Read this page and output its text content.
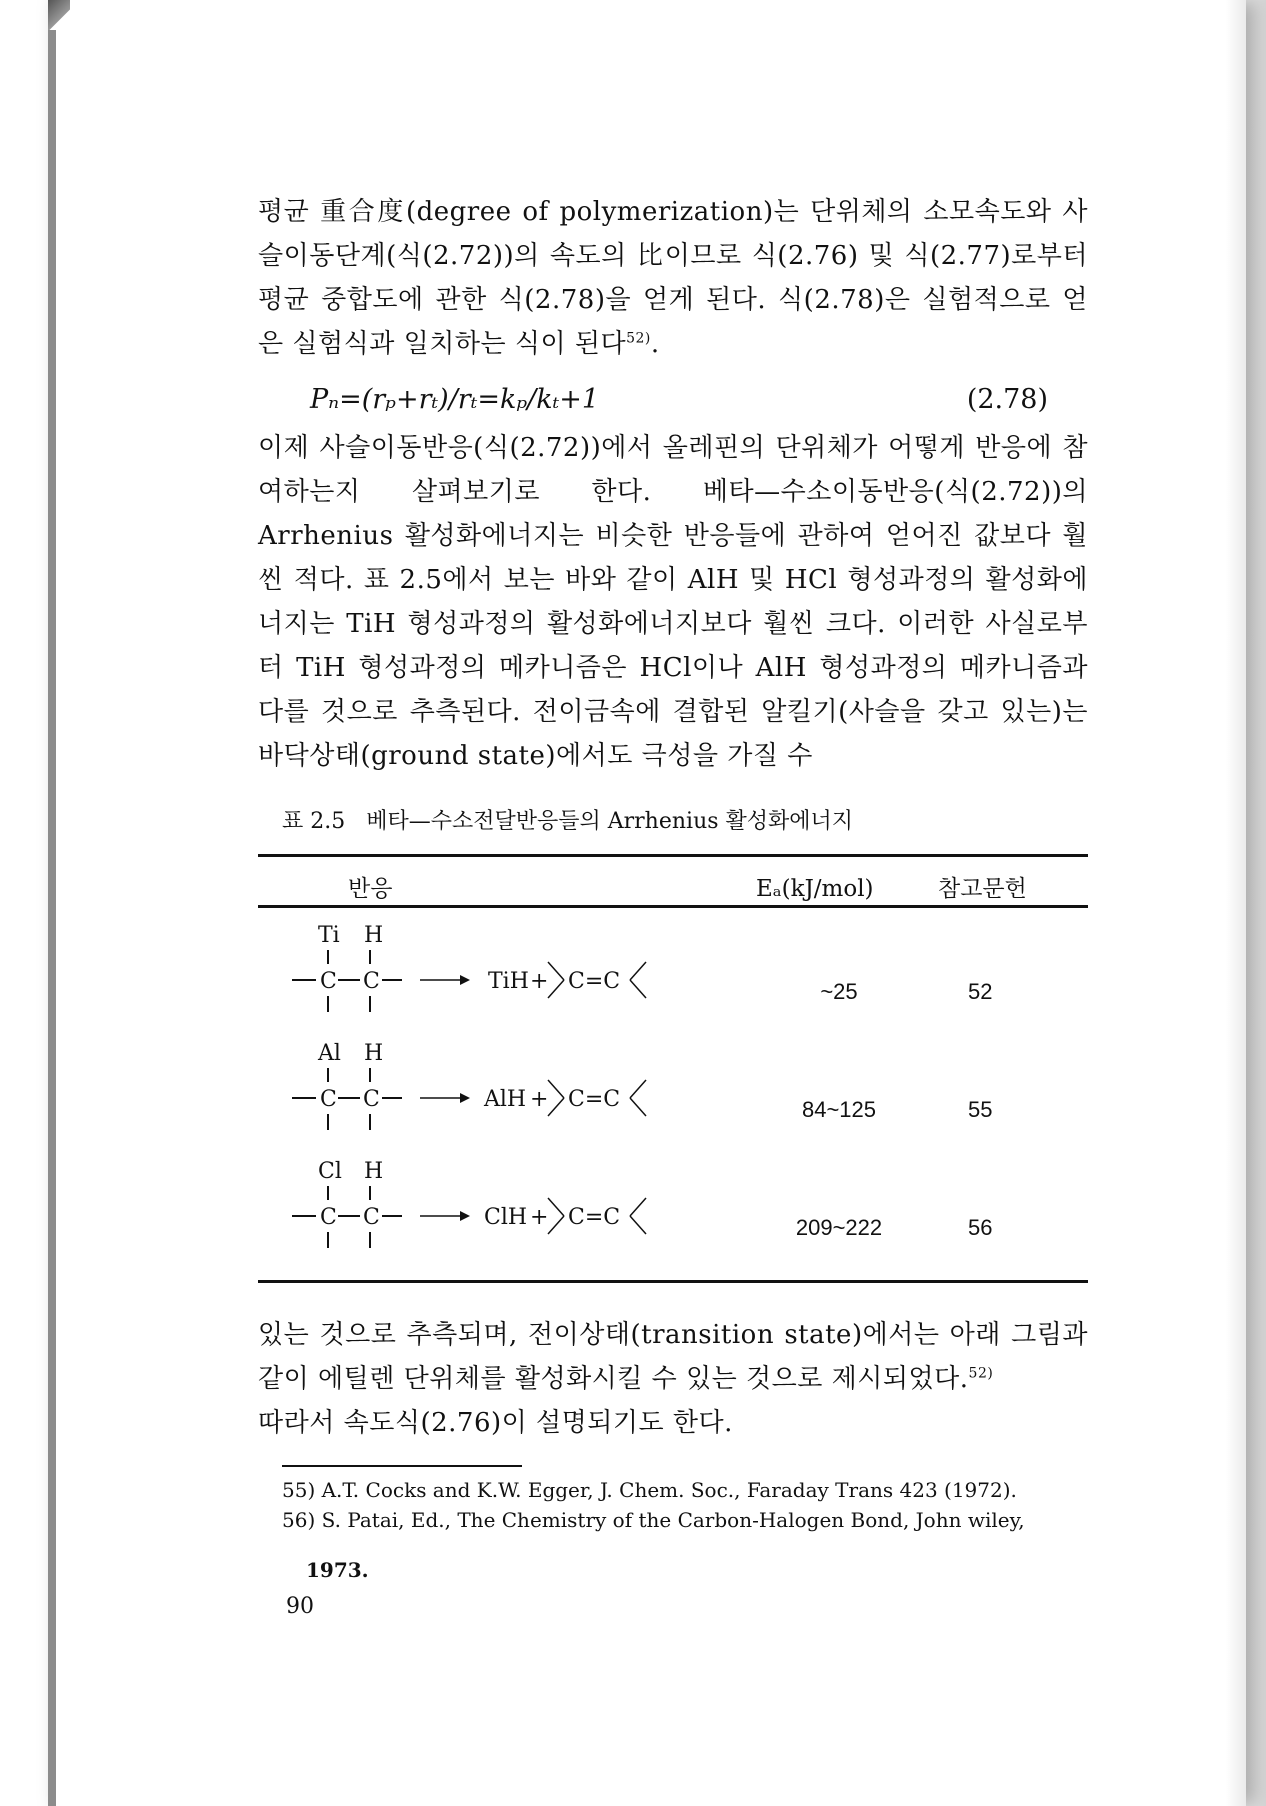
평균 重合度(degree of polymerization)는 단위체의 소모속도와 사슬이동단계(식(2.72))의 속도의 比이므로 식(2.76) 및 식(2.77)로부터 평균 중합도에 관한 식(2.78)을 얻게 된다. 식(2.78)은 실험적으로 얻은 실험식과 일치하는 식이 된다$^{52)}$.

Pₙ=(rₚ+rₜ)/rₜ=kₚ/kₜ+1	(2.78)

이제 사슬이동반응(식(2.72))에서 올레핀의 단위체가 어떻게 반응에 참여하는지 살펴보기로 한다. 베타—수소이동반응(식(2.72))의 Arrhenius 활성화에너지는 비슷한 반응들에 관하여 얻어진 값보다 훨씬 적다. 표 2.5에서 보는 바와 같이 AlH 및 HCl 형성과정의 활성화에너지는 TiH 형성과정의 활성화에너지보다 훨씬 크다. 이러한 사실로부터 TiH 형성과정의 메카니즘은 HCl이나 AlH 형성과정의 메카니즘과 다를 것으로 추측된다. 전이금속에 결합된 알킬기(사슬을 갖고 있는)는 바닥상태(ground state)에서도 극성을 가질 수

표 2.5 베타—수소전달반응들의 Arrhenius 활성화에너지
반응	Eₐ(kJ/mol)	참고문헌
Ti H
C C	TiH + C=C	~25	52
Al H
C C	AlH + C=C	84~125	55
Cl H
C C	ClH + C=C	209~222	56

있는 것으로 추측되며, 전이상태(transition state)에서는 아래 그림과 같이 에틸렌 단위체를 활성화시킬 수 있는 것으로 제시되었다.$^{52)}$
따라서 속도식(2.76)이 설명되기도 한다.

55) A.T. Cocks and K.W. Egger, J. Chem. Soc., Faraday Trans 423 (1972).

56) S. Patai, Ed., The Chemistry of the Carbon-Halogen Bond, John wiley,

1973.

90
